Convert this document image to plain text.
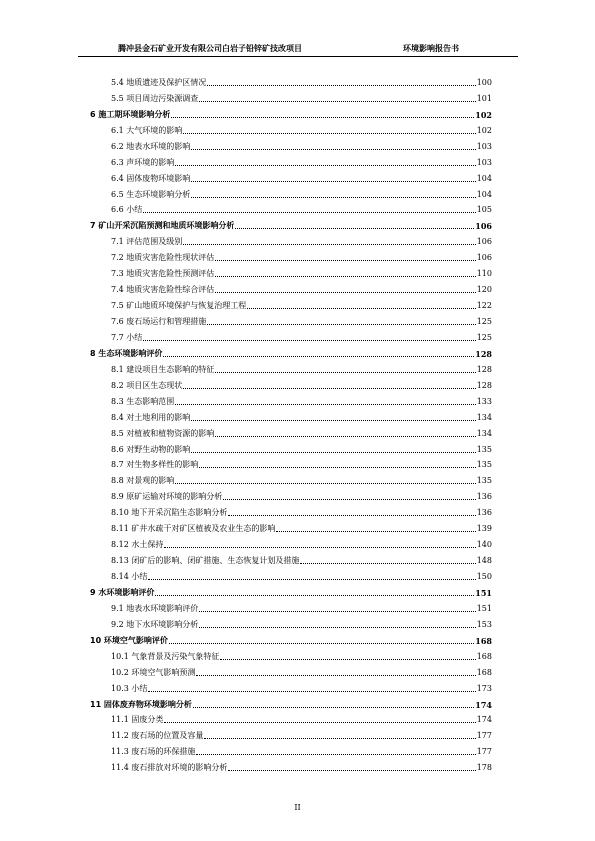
腾冲县金石矿业开发有限公司白岩子铅锌矿技改项目	环境影响报告书
5.4 地质遗迹及保护区情况	100
5.5 项目周边污染源调查	101
6 施工期环境影响分析	102
6.1 大气环境的影响	102
6.2 地表水环境的影响	103
6.3 声环境的影响	103
6.4 固体废物环境影响	104
6.5 生态环境影响分析	104
6.6 小结	105
7 矿山开采沉陷预测和地质环境影响分析	106
7.1 评估范围及级别	106
7.2 地质灾害危险性现状评估	106
7.3 地质灾害危险性预测评估	110
7.4 地质灾害危险性综合评估	120
7.5 矿山地质环境保护与恢复治理工程	122
7.6 废石场运行和管理措施	125
7.7 小结	125
8 生态环境影响评价	128
8.1 建设项目生态影响的特征	128
8.2 项目区生态现状	128
8.3 生态影响范围	133
8.4 对土地利用的影响	134
8.5 对植被和植物资源的影响	134
8.6 对野生动物的影响	135
8.7 对生物多样性的影响	135
8.8 对景观的影响	135
8.9 原矿运输对环境的影响分析	136
8.10 地下开采沉陷生态影响分析	136
8.11 矿井水疏干对矿区植被及农业生态的影响	139
8.12 水土保持	140
8.13 闭矿后的影响、闭矿措施、生态恢复计划及措施	148
8.14 小结	150
9 水环境影响评价	151
9.1 地表水环境影响评价	151
9.2 地下水环境影响分析	153
10 环境空气影响评价	168
10.1 气象背景及污染气象特征	168
10.2 环境空气影响预测	168
10.3 小结	173
11 固体废弃物环境影响分析	174
11.1 固废分类	174
11.2 废石场的位置及容量	177
11.3 废石场的环保措施	177
11.4 废石排放对环境的影响分析	178
II
